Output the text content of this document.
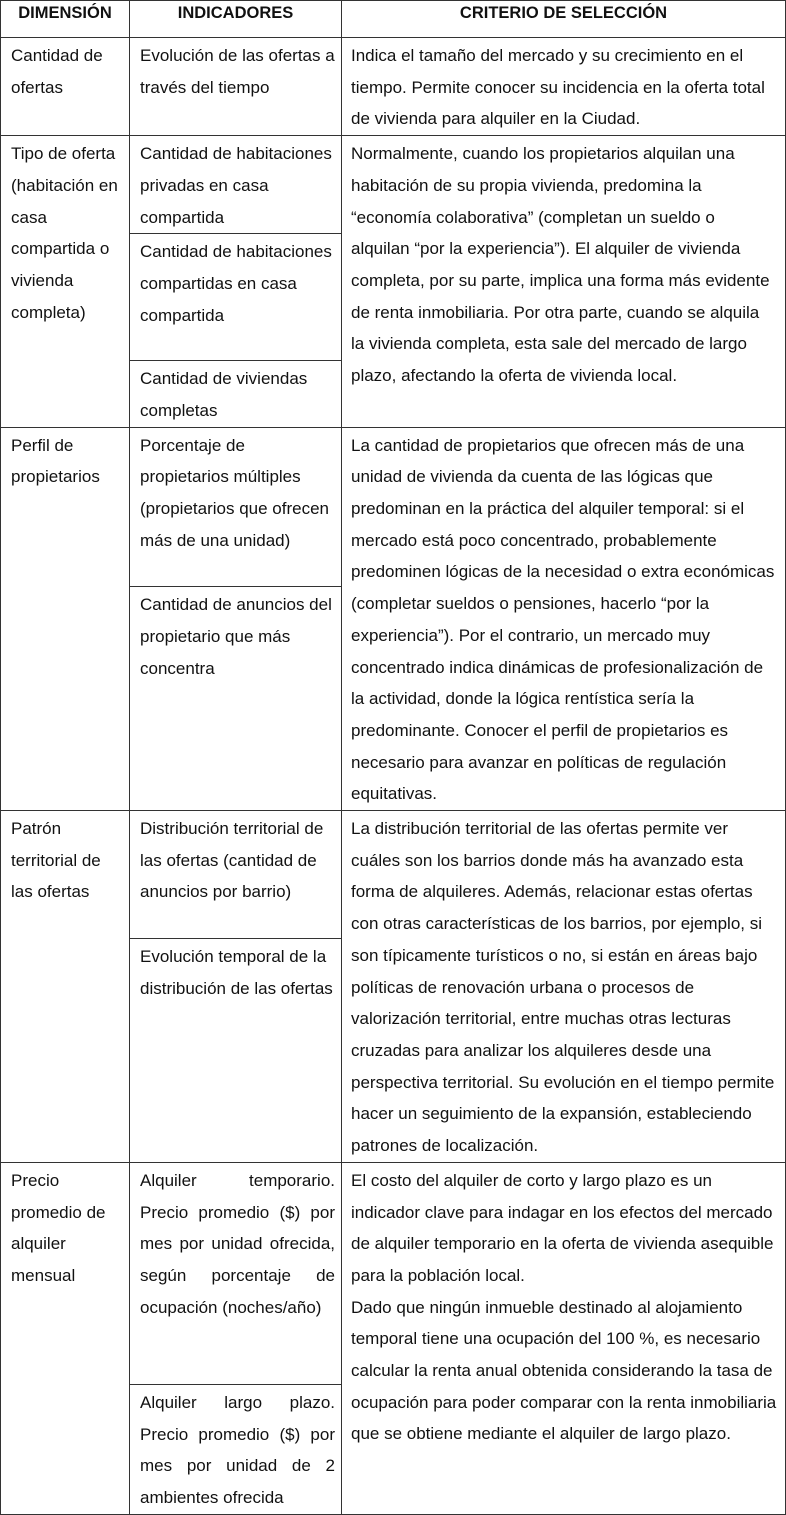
DIMENSIÓN	INDICADORES	CRITERIO DE SELECCIÓN
Cantidad de ofertas	Evolución de las ofertas a través del tiempo	Indica el tamaño del mercado y su crecimiento en el tiempo. Permite conocer su incidencia en la oferta total de vivienda para alquiler en la Ciudad.
Tipo de oferta (habitación en casa compartida o vivienda completa)	Cantidad de habitaciones privadas en casa compartida	Normalmente, cuando los propietarios alquilan una habitación de su propia vivienda, predomina la “economía colaborativa” (completan un sueldo o alquilan “por la experiencia”). El alquiler de vivienda completa, por su parte, implica una forma más evidente de renta inmobiliaria. Por otra parte, cuando se alquila la vivienda completa, esta sale del mercado de largo plazo, afectando la oferta de vivienda local.
	Cantidad de habitaciones compartidas en casa compartida	
	Cantidad de viviendas completas	
Perfil de propietarios	Porcentaje de propietarios múltiples (propietarios que ofrecen más de una unidad)	La cantidad de propietarios que ofrecen más de una unidad de vivienda da cuenta de las lógicas que predominan en la práctica del alquiler temporal: si el mercado está poco concentrado, probablemente predominen lógicas de la necesidad o extra económicas (completar sueldos o pensiones, hacerlo “por la experiencia”). Por el contrario, un mercado muy concentrado indica dinámicas de profesionalización de la actividad, donde la lógica rentística sería la predominante. Conocer el perfil de propietarios es necesario para avanzar en políticas de regulación equitativas.
	Cantidad de anuncios del propietario que más concentra	
Patrón territorial de las ofertas	Distribución territorial de las ofertas (cantidad de anuncios por barrio)	La distribución territorial de las ofertas permite ver cuáles son los barrios donde más ha avanzado esta forma de alquileres. Además, relacionar estas ofertas con otras características de los barrios, por ejemplo, si son típicamente turísticos o no, si están en áreas bajo políticas de renovación urbana o procesos de valorización territorial, entre muchas otras lecturas cruzadas para analizar los alquileres desde una perspectiva territorial. Su evolución en el tiempo permite hacer un seguimiento de la expansión, estableciendo patrones de localización.
	Evolución temporal de la distribución de las ofertas	
Precio promedio de alquiler mensual	Alquiler temporario. Precio promedio ($) por mes por unidad ofrecida, según porcentaje de ocupación (noches/año)	El costo del alquiler de corto y largo plazo es un indicador clave para indagar en los efectos del mercado de alquiler temporario en la oferta de vivienda asequible para la población local.
Dado que ningún inmueble destinado al alojamiento temporal tiene una ocupación del 100 %, es necesario calcular la renta anual obtenida considerando la tasa de ocupación para poder comparar con la renta inmobiliaria que se obtiene mediante el alquiler de largo plazo.
	Alquiler largo plazo. Precio promedio ($) por mes por unidad de 2 ambientes ofrecida	
